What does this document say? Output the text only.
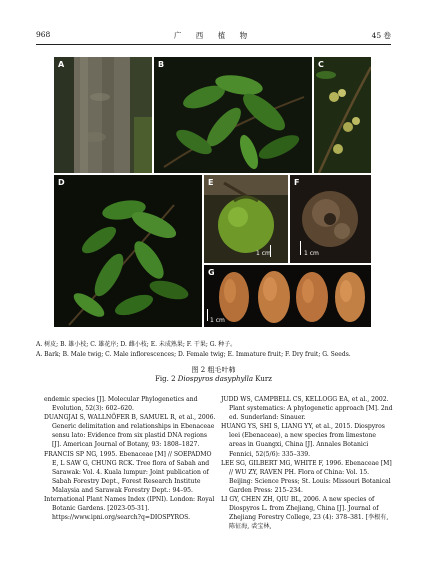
968	广 西 植 物	45 卷
A	B	C
D	E
1 cm
F
1 cm
G
1 cm
A. 树皮; B. 雄小枝; C. 雄花序; D. 雌小枝; E. 未成熟果; F. 干果; G. 种子。
A. Bark; B. Male twig; C. Male inflorescences; D. Female twig; E. Immature fruit; F. Dry fruit; G. Seeds.
图 2 粗毛叶柿
Fig. 2 Diospyros dasyphylla Kurz

endemic species [J]. Molecular Phylogenetics and Evolution, 52(3): 602–620.

DUANGJAI S, WALLNÖFER B, SAMUEL R, et al., 2006. Generic delimitation and relationships in Ebenaceae sensu lato: Evidence from six plastid DNA regions [J]. American Journal of Botany, 93: 1808–1827.

FRANCIS SP NG, 1995. Ebenaceae [M] // SOEPADMO E, L SAW G, CHUNG RCK. Tree flora of Sabah and Sarawak: Vol. 4. Kuala lumpur: Joint publication of Sabah Forestry Dept., Forest Research Institute Malaysia and Sarawak Forestry Dept.: 94–95.

International Plant Names Index (IPNI). London: Royal Botanic Gardens. [2023-05-31]. https://www.ipni.org/search?q=DIOSPYROS.

JUDD WS, CAMPBELL CS, KELLOGG EA, et al., 2002. Plant systematics: A phylogenetic approach [M]. 2nd ed. Sunderland: Sinauer.

HUANG YS, SHI S, LIANG YY, et al., 2015. Diospyros leei (Ebenaceae), a new species from limestone areas in Guangxi, China [J]. Annales Botanici Fennici, 52(5/6): 335–339.

LEE SG, GILBERT MG, WHITE F, 1996. Ebenaceae [M] // WU ZY, RAVEN PH. Flora of China: Vol. 15. Beijing: Science Press; St. Louis: Missouri Botanical Garden Press: 215–234.

LI GY, CHEN ZH, QIU BL, 2006. A new species of Diospyros L. from Zhejiang, China [J]. Journal of Zhejiang Forestry College, 23 (4): 378–381. [李根有, 陈征海, 裘宝林,
